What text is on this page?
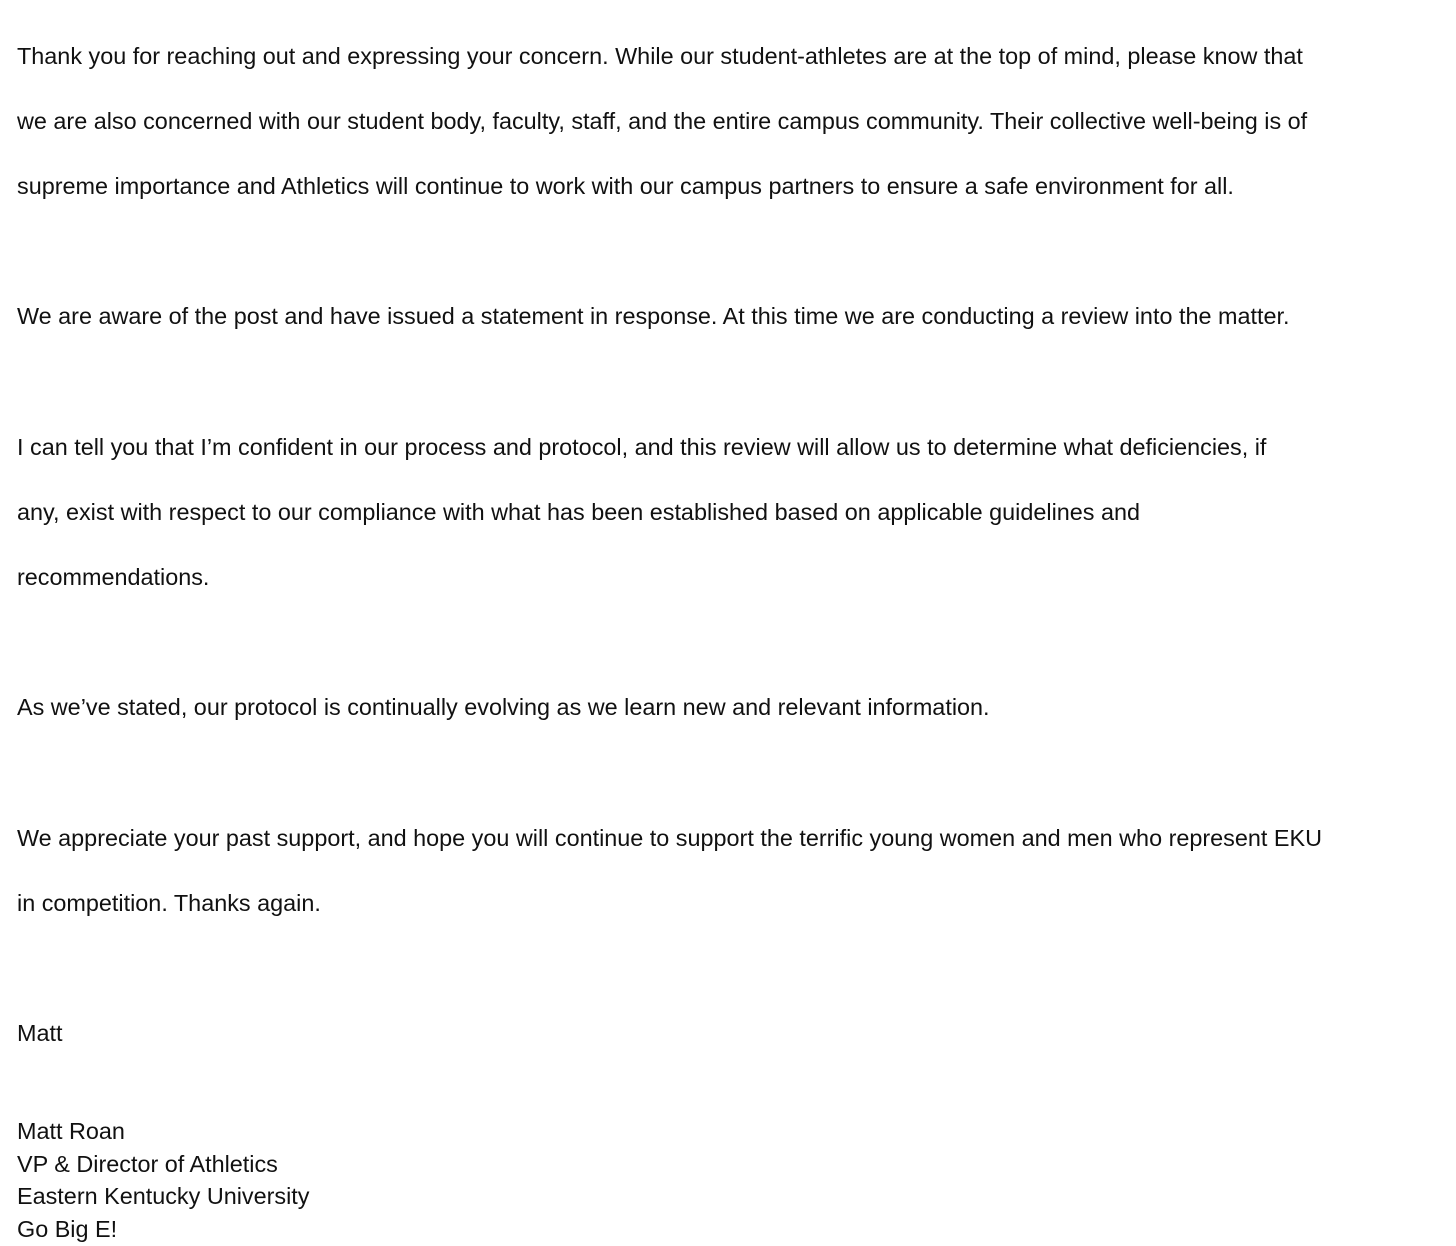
Thank you for reaching out and expressing your concern. While our student-athletes are at the top of mind, please know that

we are also concerned with our student body, faculty, staff, and the entire campus community. Their collective well-being is of

supreme importance and Athletics will continue to work with our campus partners to ensure a safe environment for all.

We are aware of the post and have issued a statement in response. At this time we are conducting a review into the matter.

I can tell you that I’m confident in our process and protocol, and this review will allow us to determine what deficiencies, if

any, exist with respect to our compliance with what has been established based on applicable guidelines and

recommendations.

As we’ve stated, our protocol is continually evolving as we learn new and relevant information.

We appreciate your past support, and hope you will continue to support the terrific young women and men who represent EKU

in competition. Thanks again.

Matt

Matt Roan
VP & Director of Athletics
Eastern Kentucky University
Go Big E!
